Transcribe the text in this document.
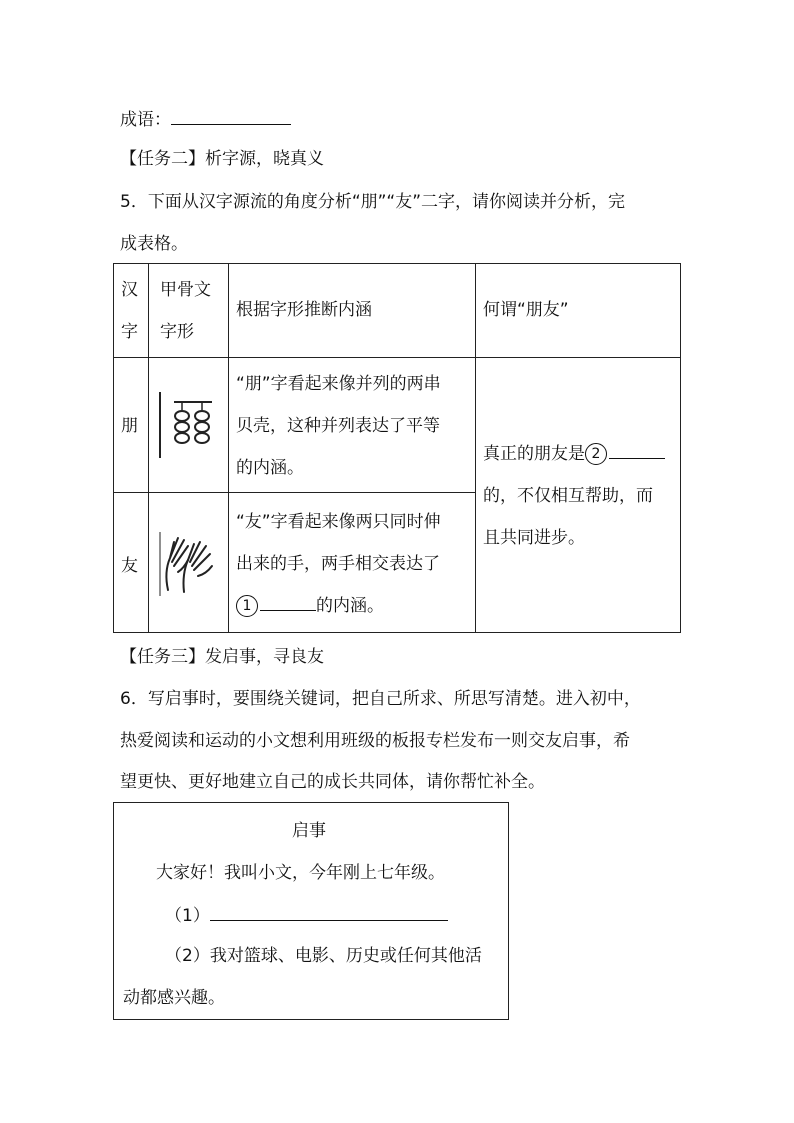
成语：
【任务二】析字源，晓真义
5．下面从汉字源流的角度分析“朋”“友”二字，请你阅读并分析，完
成表格。
汉
字
甲骨文
字形
根据字形推断内涵	何谓“朋友”
朋
“朋”字看起来像并列的两串
贝壳，这种并列表达了平等
的内涵。
友
“友”字看起来像两只同时伸
出来的手，两手相交表达了
1	的内涵。
真正的朋友是 2
的，不仅相互帮助，而
且共同进步。
【任务三】发启事，寻良友
6．写启事时，要围绕关键词，把自己所求、所思写清楚。进入初中，
热爱阅读和运动的小文想利用班级的板报专栏发布一则交友启事，希
望更快、更好地建立自己的成长共同体，请你帮忙补全。
启事
大家好！我叫小文，今年刚上七年级。
（1）
（2）我对篮球、电影、历史或任何其他活
动都感兴趣。
